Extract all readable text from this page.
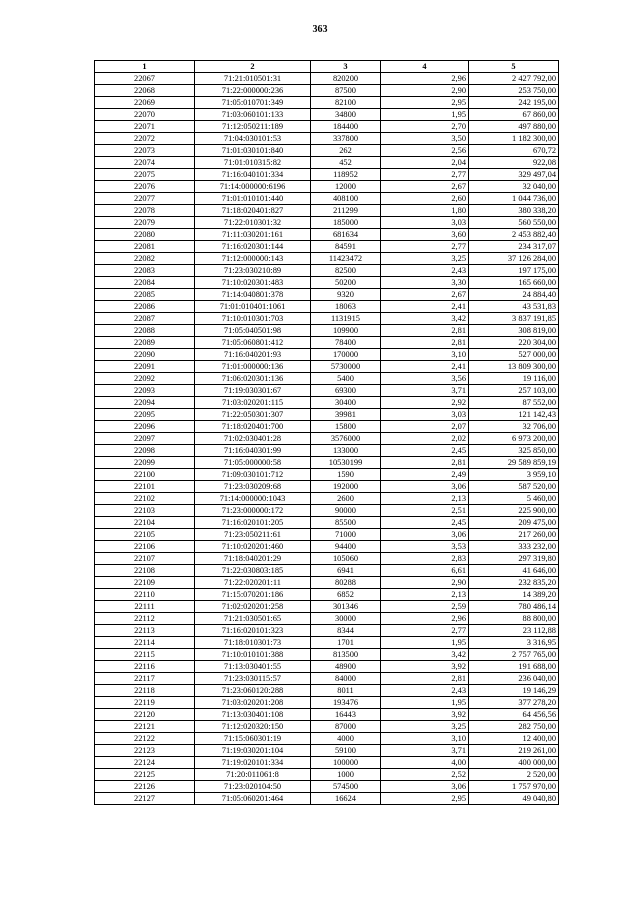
363
1	2	3	4	5
22067	71:21:010501:31	820200	2,96	2 427 792,00
22068	71:22:000000:236	87500	2,90	253 750,00
22069	71:05:010701:349	82100	2,95	242 195,00
22070	71:03:060101:133	34800	1,95	67 860,00
22071	71:12:050211:189	184400	2,70	497 880,00
22072	71:04:030101:53	337800	3,50	1 182 300,00
22073	71:01:030101:840	262	2,56	670,72
22074	71:01:010315:82	452	2,04	922,08
22075	71:16:040101:334	118952	2,77	329 497,04
22076	71:14:000000:6196	12000	2,67	32 040,00
22077	71:01:010101:440	408100	2,60	1 044 736,00
22078	71:18:020401:827	211299	1,80	380 338,20
22079	71:22:010301:32	185000	3,03	560 550,00
22080	71:11:030201:161	681634	3,60	2 453 882,40
22081	71:16:020301:144	84591	2,77	234 317,07
22082	71:12:000000:143	11423472	3,25	37 126 284,00
22083	71:23:030210:89	82500	2,43	197 175,00
22084	71:10:020301:483	50200	3,30	165 660,00
22085	71:14:040801:378	9320	2,67	24 884,40
22086	71:01:010401:1061	18063	2,41	43 531,83
22087	71:10:010301:703	1131915	3,42	3 837 191,85
22088	71:05:040501:98	109900	2,81	308 819,00
22089	71:05:060801:412	78400	2,81	220 304,00
22090	71:16:040201:93	170000	3,10	527 000,00
22091	71:01:000000:136	5730000	2,41	13 809 300,00
22092	71:06:020301:136	5400	3,56	19 116,00
22093	71:19:030301:67	69300	3,71	257 103,00
22094	71:03:020201:115	30400	2,92	87 552,00
22095	71:22:050301:307	39981	3,03	121 142,43
22096	71:18:020401:700	15800	2,07	32 706,00
22097	71:02:030401:28	3576000	2,02	6 973 200,00
22098	71:16:040301:99	133000	2,45	325 850,00
22099	71:05:000000:58	10530199	2,81	29 589 859,19
22100	71:09:030101:712	1590	2,49	3 959,10
22101	71:23:030209:68	192000	3,06	587 520,00
22102	71:14:000000:1043	2600	2,13	5 460,00
22103	71:23:000000:172	90000	2,51	225 900,00
22104	71:16:020101:205	85500	2,45	209 475,00
22105	71:23:050211:61	71000	3,06	217 260,00
22106	71:10:020201:460	94400	3,53	333 232,00
22107	71:18:040201:29	105060	2,83	297 319,80
22108	71:22:030803:185	6941	6,61	41 646,00
22109	71:22:020201:11	80288	2,90	232 835,20
22110	71:15:070201:186	6852	2,13	14 389,20
22111	71:02:020201:258	301346	2,59	780 486,14
22112	71:21:030501:65	30000	2,96	88 800,00
22113	71:16:020101:323	8344	2,77	23 112,88
22114	71:18:010301:73	1701	1,95	3 316,95
22115	71:10:010101:388	813500	3,42	2 757 765,00
22116	71:13:030401:55	48900	3,92	191 688,00
22117	71:23:030115:57	84000	2,81	236 040,00
22118	71:23:060120:288	8011	2,43	19 146,29
22119	71:03:020201:208	193476	1,95	377 278,20
22120	71:13:030401:108	16443	3,92	64 456,56
22121	71:12:020320:150	87000	3,25	282 750,00
22122	71:15:060301:19	4000	3,10	12 400,00
22123	71:19:030201:104	59100	3,71	219 261,00
22124	71:19:020101:334	100000	4,00	400 000,00
22125	71:20:011061:8	1000	2,52	2 520,00
22126	71:23:020104:50	574500	3,06	1 757 970,00
22127	71:05:060201:464	16624	2,95	49 040,80
